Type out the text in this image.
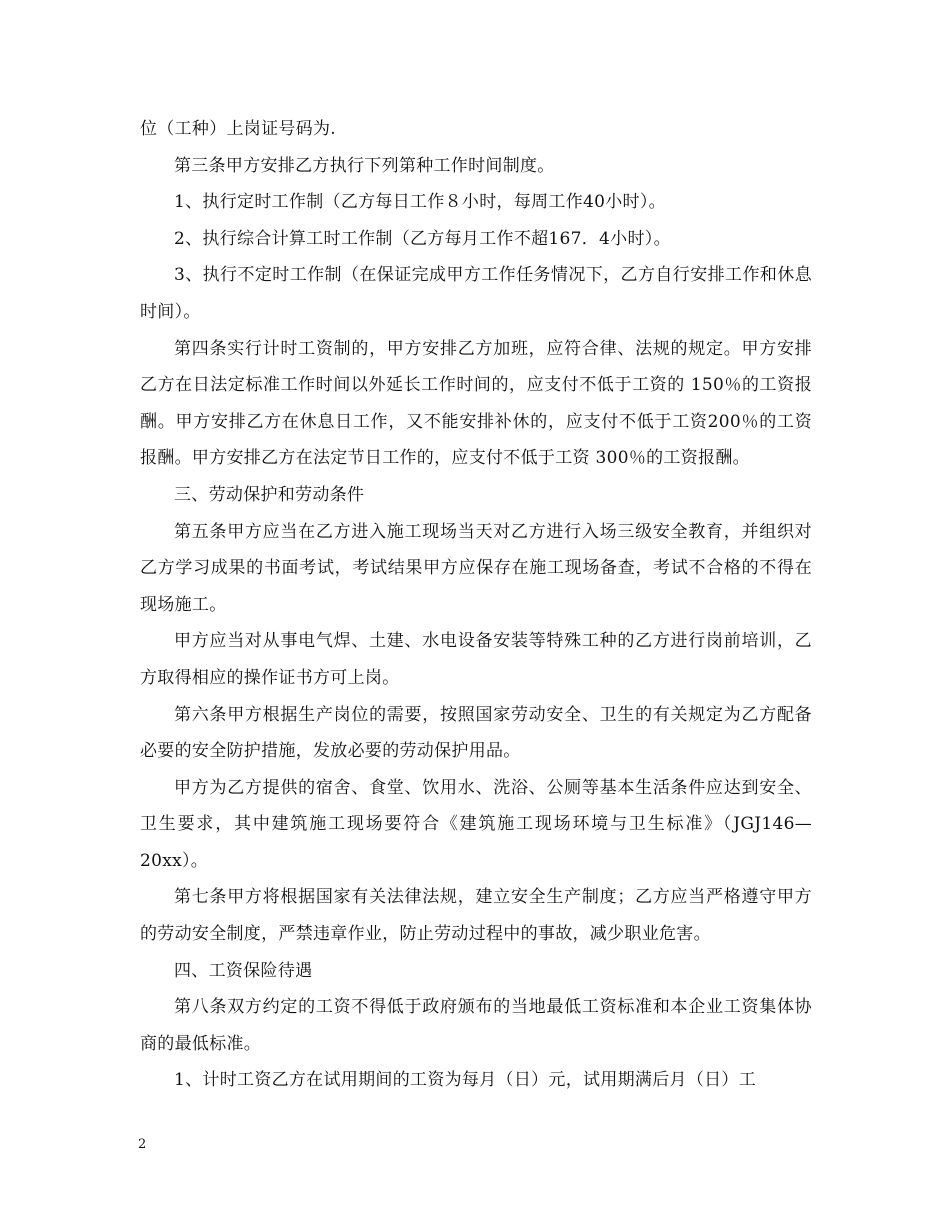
位（工种）上岗证号码为.

第三条甲方安排乙方执行下列第种工作时间制度。

1、执行定时工作制（乙方每日工作８小时，每周工作40小时）。

2、执行综合计算工时工作制（乙方每月工作不超167．4小时）。

3、执行不定时工作制（在保证完成甲方工作任务情况下，乙方自行安排工作和休息时间）。

第四条实行计时工资制的，甲方安排乙方加班，应符合律、法规的规定。甲方安排乙方在日法定标准工作时间以外延长工作时间的，应支付不低于工资的 150％的工资报酬。甲方安排乙方在休息日工作，又不能安排补休的，应支付不低于工资200％的工资报酬。甲方安排乙方在法定节日工作的，应支付不低于工资 300％的工资报酬。

三、劳动保护和劳动条件

第五条甲方应当在乙方进入施工现场当天对乙方进行入场三级安全教育，并组织对乙方学习成果的书面考试，考试结果甲方应保存在施工现场备查，考试不合格的不得在现场施工。

甲方应当对从事电气焊、土建、水电设备安装等特殊工种的乙方进行岗前培训，乙方取得相应的操作证书方可上岗。

第六条甲方根据生产岗位的需要，按照国家劳动安全、卫生的有关规定为乙方配备必要的安全防护措施，发放必要的劳动保护用品。

甲方为乙方提供的宿舍、食堂、饮用水、洗浴、公厕等基本生活条件应达到安全、卫生要求，其中建筑施工现场要符合《建筑施工现场环境与卫生标准》（JGJ146—20xx）。

第七条甲方将根据国家有关法律法规，建立安全生产制度；乙方应当严格遵守甲方的劳动安全制度，严禁违章作业，防止劳动过程中的事故，减少职业危害。

四、工资保险待遇

第八条双方约定的工资不得低于政府颁布的当地最低工资标准和本企业工资集体协商的最低标准。

1、计时工资乙方在试用期间的工资为每月（日）元，试用期满后月（日）工

2
